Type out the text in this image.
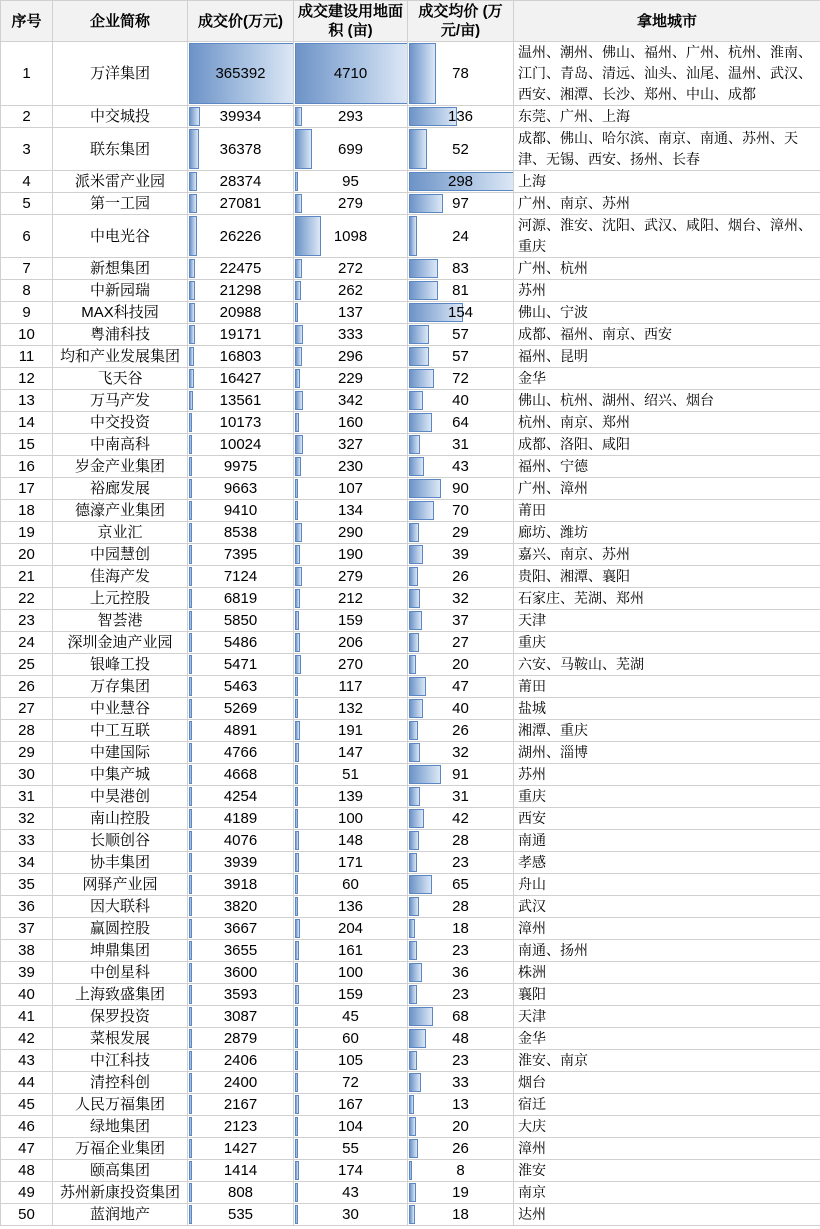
序号	企业简称	成交价(万元)	成交建设用地面积 (亩)	成交均价 (万元/亩)	拿地城市
1	万洋集团	365392	4710	78	温州、潮州、佛山、福州、广州、杭州、淮南、江门、青岛、清远、汕头、汕尾、温州、武汉、西安、湘潭、长沙、郑州、中山、成都
2	中交城投	39934	293	136	东莞、广州、上海
3	联东集团	36378	699	52	成都、佛山、哈尔滨、南京、南通、苏州、天津、无锡、西安、扬州、长春
4	派米雷产业园	28374	95	298	上海
5	第一工园	27081	279	97	广州、南京、苏州
6	中电光谷	26226	1098	24	河源、淮安、沈阳、武汉、咸阳、烟台、漳州、重庆
7	新想集团	22475	272	83	广州、杭州
8	中新园瑞	21298	262	81	苏州
9	MAX科技园	20988	137	154	佛山、宁波
10	粤浦科技	19171	333	57	成都、福州、南京、西安
11	均和产业发展集团	16803	296	57	福州、昆明
12	飞天谷	16427	229	72	金华
13	万马产发	13561	342	40	佛山、杭州、湖州、绍兴、烟台
14	中交投资	10173	160	64	杭州、南京、郑州
15	中南高科	10024	327	31	成都、洛阳、咸阳
16	岁金产业集团	9975	230	43	福州、宁德
17	裕廊发展	9663	107	90	广州、漳州
18	德濠产业集团	9410	134	70	莆田
19	京业汇	8538	290	29	廊坊、潍坊
20	中园慧创	7395	190	39	嘉兴、南京、苏州
21	佳海产发	7124	279	26	贵阳、湘潭、襄阳
22	上元控股	6819	212	32	石家庄、芜湖、郑州
23	智荟港	5850	159	37	天津
24	深圳金迪产业园	5486	206	27	重庆
25	银峰工投	5471	270	20	六安、马鞍山、芜湖
26	万存集团	5463	117	47	莆田
27	中业慧谷	5269	132	40	盐城
28	中工互联	4891	191	26	湘潭、重庆
29	中建国际	4766	147	32	湖州、淄博
30	中集产城	4668	51	91	苏州
31	中昊港创	4254	139	31	重庆
32	南山控股	4189	100	42	西安
33	长顺创谷	4076	148	28	南通
34	协丰集团	3939	171	23	孝感
35	网驿产业园	3918	60	65	舟山
36	因大联科	3820	136	28	武汉
37	赢圆控股	3667	204	18	漳州
38	坤鼎集团	3655	161	23	南通、扬州
39	中创星科	3600	100	36	株洲
40	上海致盛集团	3593	159	23	襄阳
41	保罗投资	3087	45	68	天津
42	菜根发展	2879	60	48	金华
43	中江科技	2406	105	23	淮安、南京
44	清控科创	2400	72	33	烟台
45	人民万福集团	2167	167	13	宿迁
46	绿地集团	2123	104	20	大庆
47	万福企业集团	1427	55	26	漳州
48	颐高集团	1414	174	8	淮安
49	苏州新康投资集团	808	43	19	南京
50	蓝润地产	535	30	18	达州
